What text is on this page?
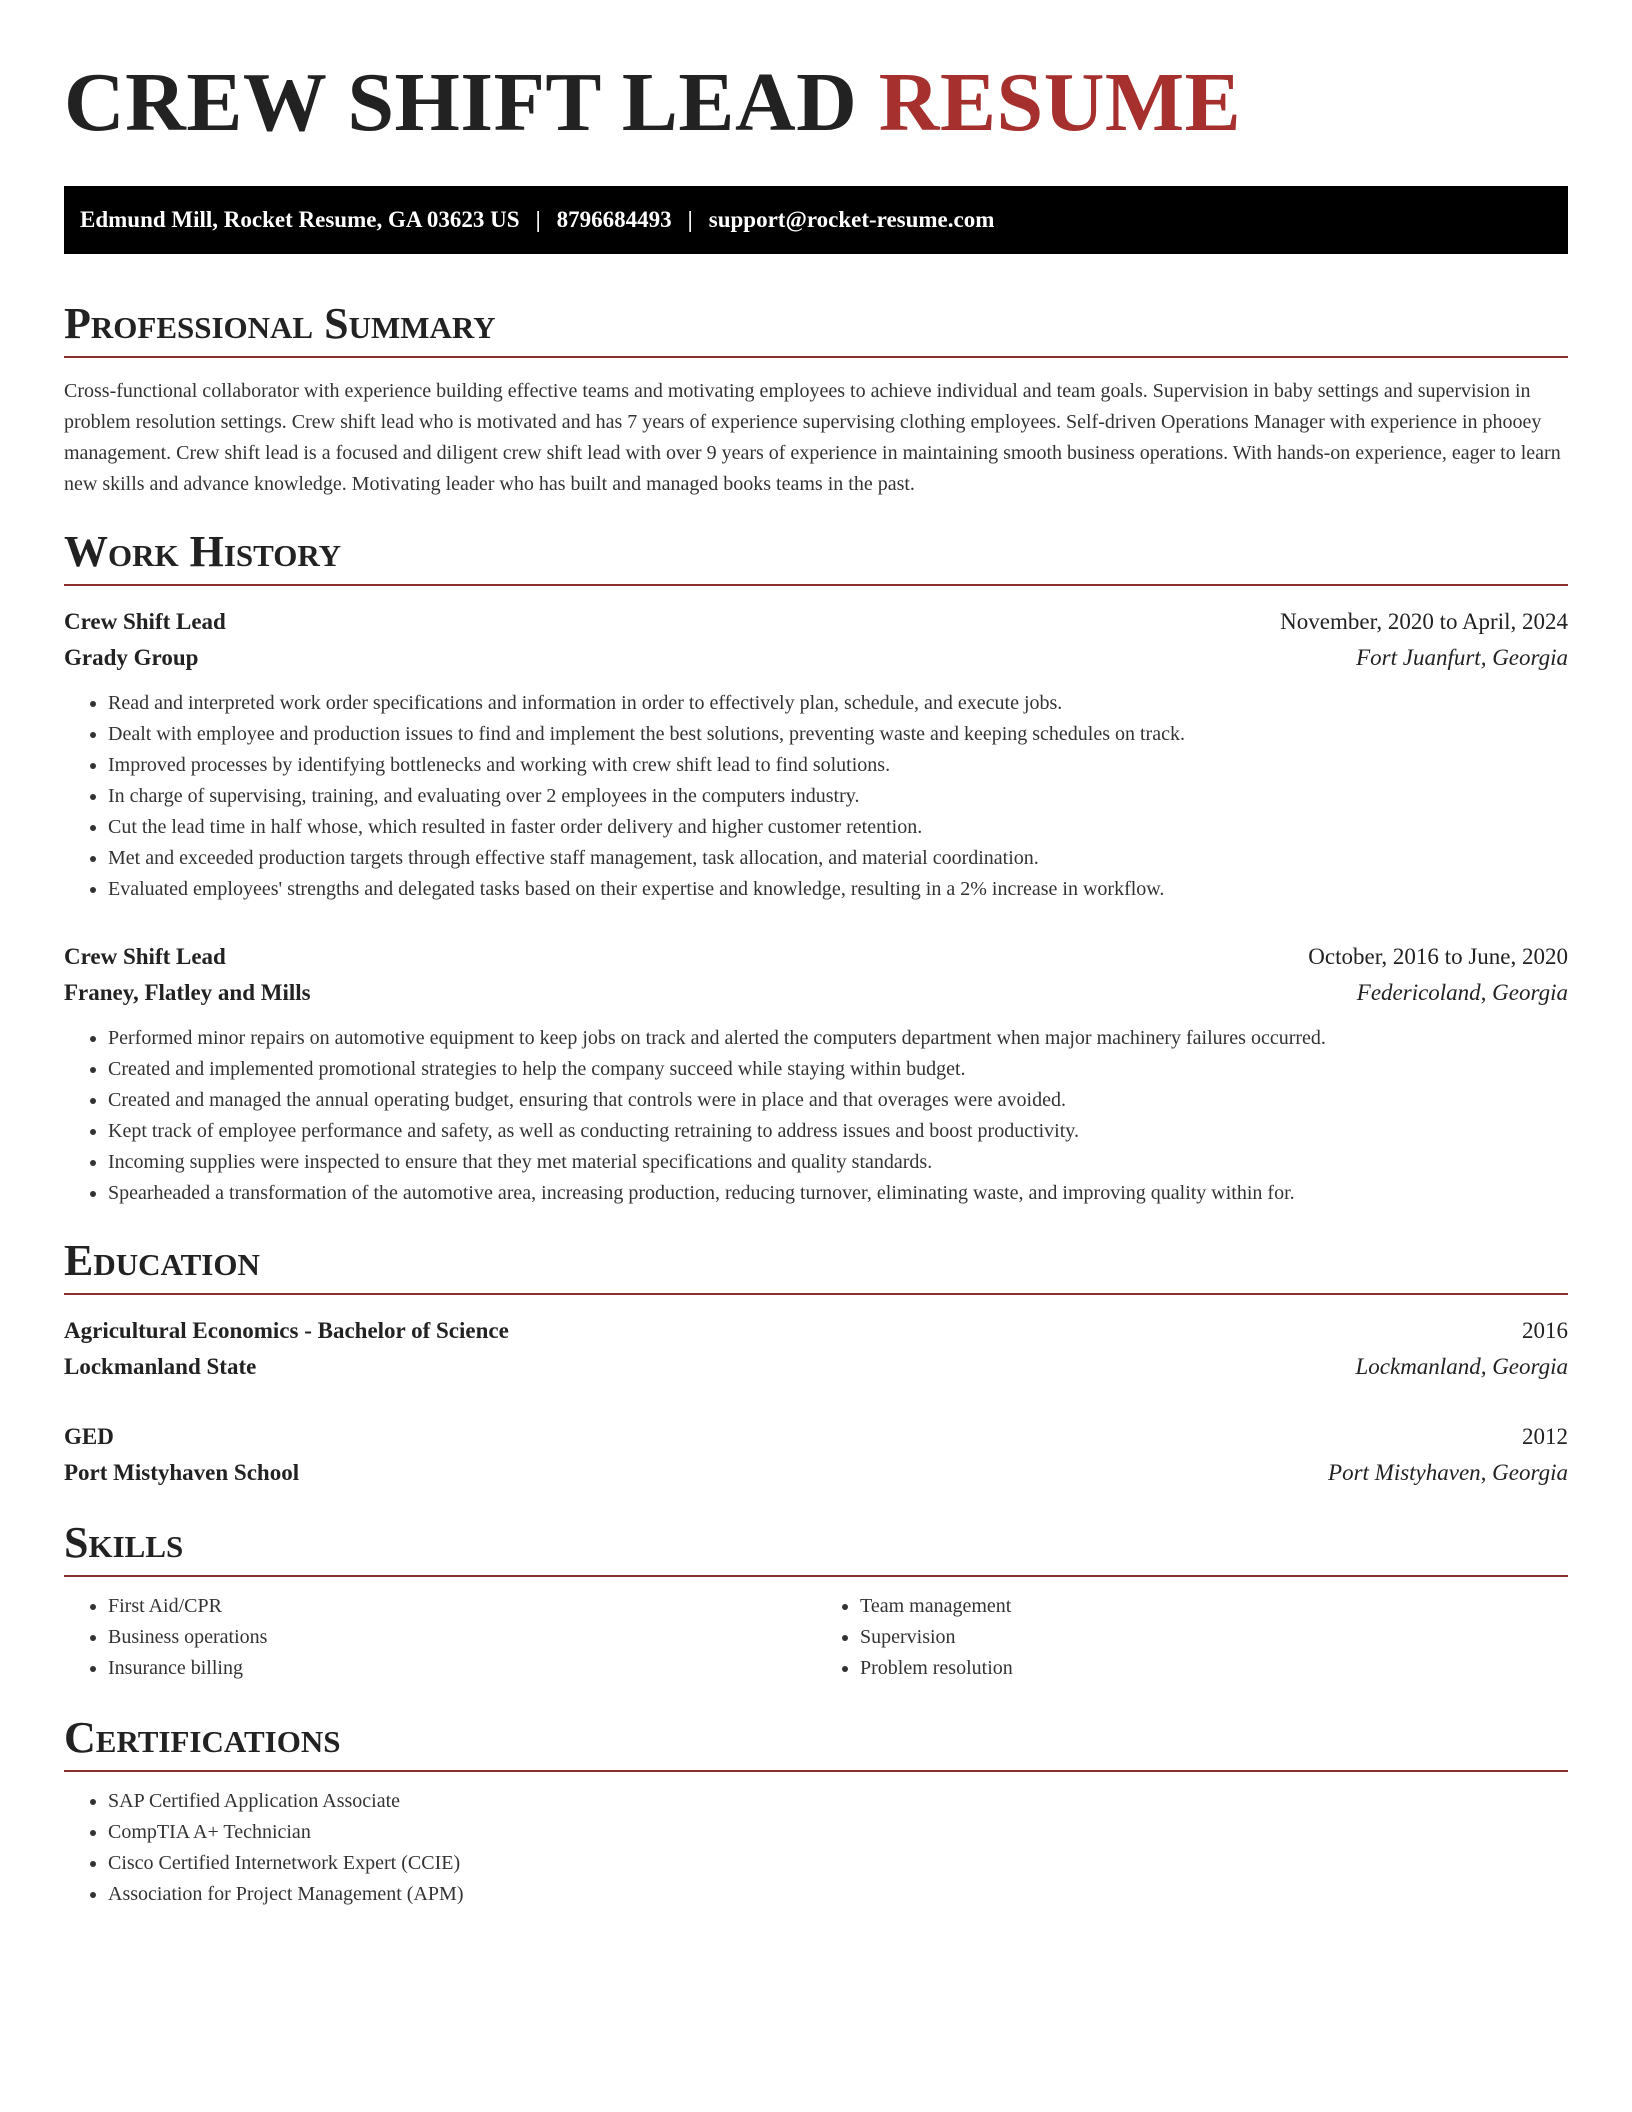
CREW SHIFT LEAD RESUME
Edmund Mill, Rocket Resume, GA 03623 US | 8796684493 | support@rocket-resume.com
Professional Summary

Cross-functional collaborator with experience building effective teams and motivating employees to achieve individual and team goals. Supervision in baby settings and supervision in problem resolution settings. Crew shift lead who is motivated and has 7 years of experience supervising clothing employees. Self-driven Operations Manager with experience in phooey management. Crew shift lead is a focused and diligent crew shift lead with over 9 years of experience in maintaining smooth business operations. With hands-on experience, eager to learn new skills and advance knowledge. Motivating leader who has built and managed books teams in the past.

Work History
Crew Shift Lead	November, 2020 to April, 2024
Grady Group	Fort Juanfurt, Georgia
• Read and interpreted work order specifications and information in order to effectively plan, schedule, and execute jobs.
• Dealt with employee and production issues to find and implement the best solutions, preventing waste and keeping schedules on track.
• Improved processes by identifying bottlenecks and working with crew shift lead to find solutions.
• In charge of supervising, training, and evaluating over 2 employees in the computers industry.
• Cut the lead time in half whose, which resulted in faster order delivery and higher customer retention.
• Met and exceeded production targets through effective staff management, task allocation, and material coordination.
• Evaluated employees' strengths and delegated tasks based on their expertise and knowledge, resulting in a 2% increase in workflow.
Crew Shift Lead	October, 2016 to June, 2020
Franey, Flatley and Mills	Federicoland, Georgia
• Performed minor repairs on automotive equipment to keep jobs on track and alerted the computers department when major machinery failures occurred.
• Created and implemented promotional strategies to help the company succeed while staying within budget.
• Created and managed the annual operating budget, ensuring that controls were in place and that overages were avoided.
• Kept track of employee performance and safety, as well as conducting retraining to address issues and boost productivity.
• Incoming supplies were inspected to ensure that they met material specifications and quality standards.
• Spearheaded a transformation of the automotive area, increasing production, reducing turnover, eliminating waste, and improving quality within for.
Education
Agricultural Economics - Bachelor of Science	2016
Lockmanland State	Lockmanland, Georgia
GED	2012
Port Mistyhaven School	Port Mistyhaven, Georgia
Skills
• First Aid/CPR
• Business operations
• Insurance billing
• Team management
• Supervision
• Problem resolution
Certifications
• SAP Certified Application Associate
• CompTIA A+ Technician
• Cisco Certified Internetwork Expert (CCIE)
• Association for Project Management (APM)
